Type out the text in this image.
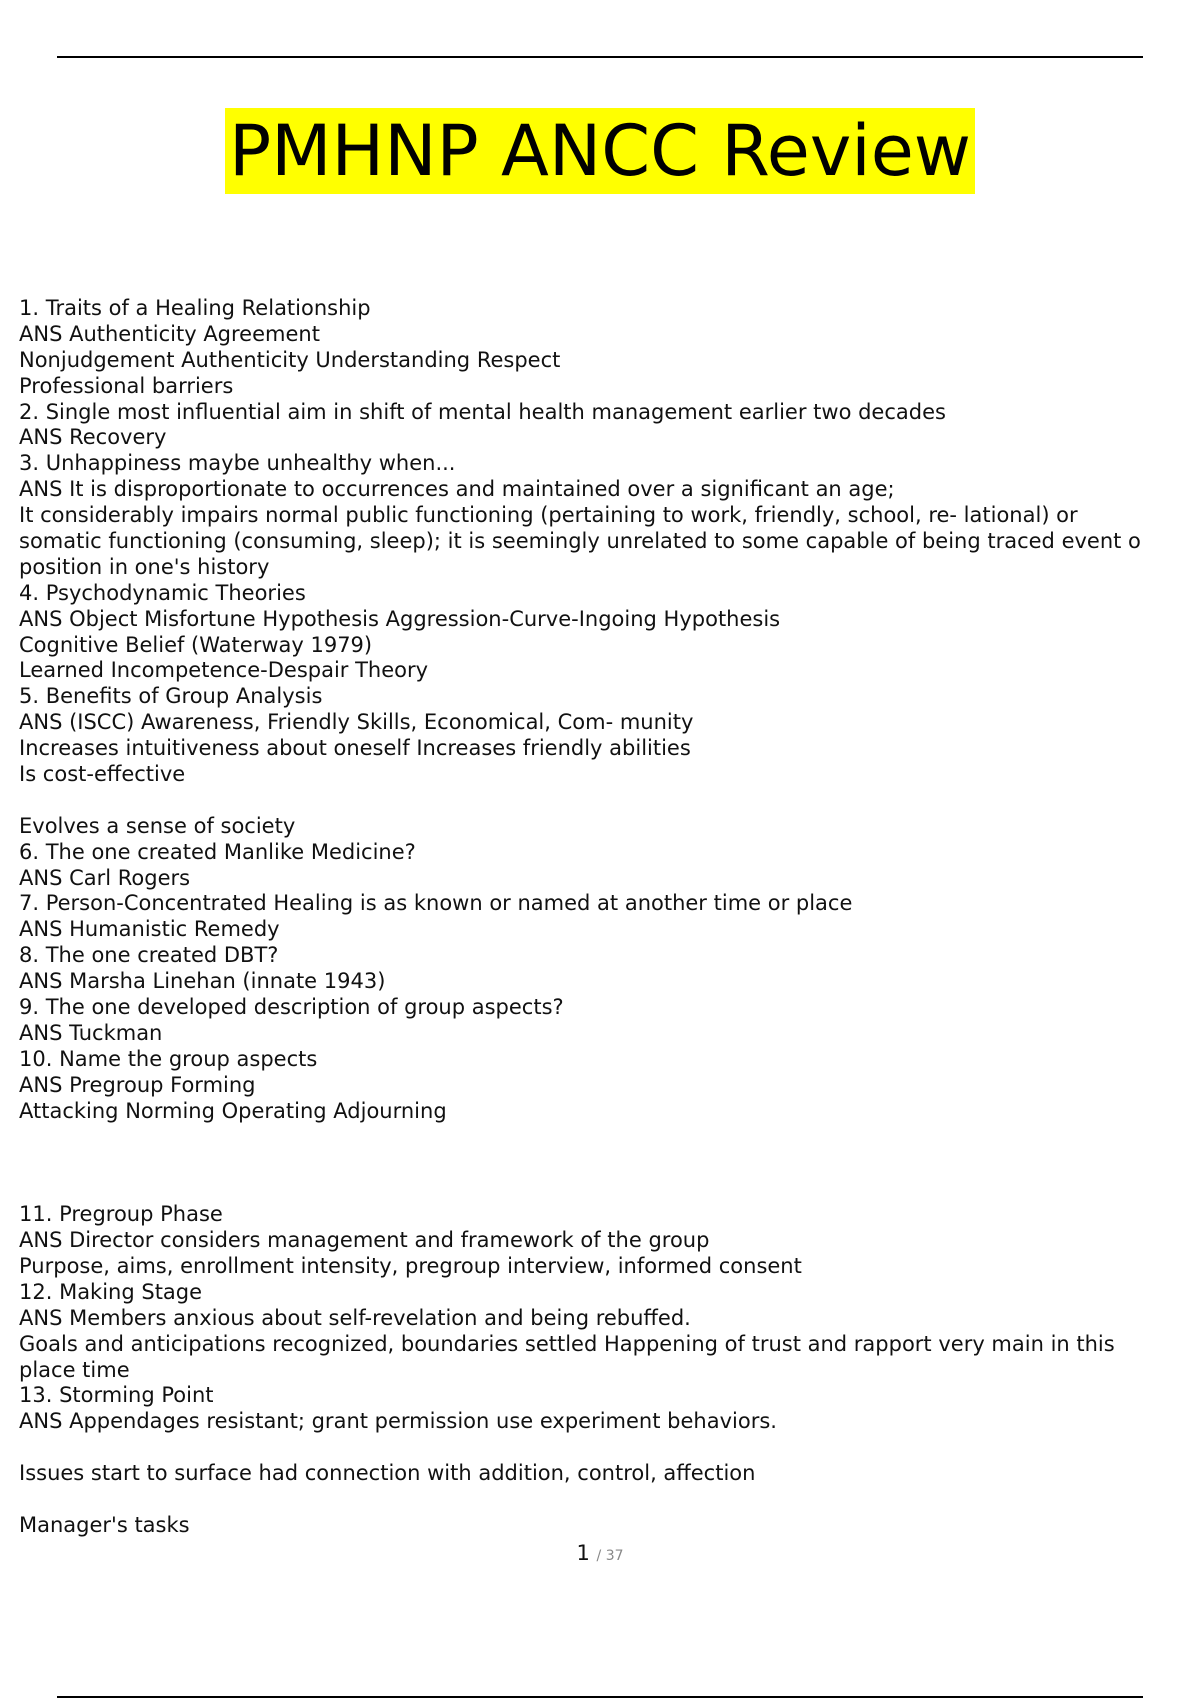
PMHNP ANCC Review
1. Traits of a Healing Relationship
ANS Authenticity Agreement
Nonjudgement Authenticity Understanding Respect
Professional barriers
2. Single most influential aim in shift of mental health management earlier two decades
ANS Recovery
3. Unhappiness maybe unhealthy when...
ANS It is disproportionate to occurrences and maintained over a significant an age;
It considerably impairs normal public functioning (pertaining to work, friendly, school, re- lational) or
somatic functioning (consuming, sleep); it is seemingly unrelated to some capable of being traced event o
position in one's history
4. Psychodynamic Theories
ANS Object Misfortune Hypothesis Aggression-Curve-Ingoing Hypothesis
Cognitive Belief (Waterway 1979)
Learned Incompetence-Despair Theory
5. Benefits of Group Analysis
ANS (ISCC) Awareness, Friendly Skills, Economical, Com- munity
Increases intuitiveness about oneself Increases friendly abilities
Is cost-effective
Evolves a sense of society
6. The one created Manlike Medicine?
ANS Carl Rogers
7. Person-Concentrated Healing is as known or named at another time or place
ANS Humanistic Remedy
8. The one created DBT?
ANS Marsha Linehan (innate 1943)
9. The one developed description of group aspects?
ANS Tuckman
10. Name the group aspects
ANS Pregroup Forming
Attacking Norming Operating Adjourning
11. Pregroup Phase
ANS Director considers management and framework of the group
Purpose, aims, enrollment intensity, pregroup interview, informed consent
12. Making Stage
ANS Members anxious about self-revelation and being rebuffed.
Goals and anticipations recognized, boundaries settled Happening of trust and rapport very main in this
place time
13. Storming Point
ANS Appendages resistant; grant permission use experiment behaviors.
Issues start to surface had connection with addition, control, affection
Manager's tasks
1 / 37
